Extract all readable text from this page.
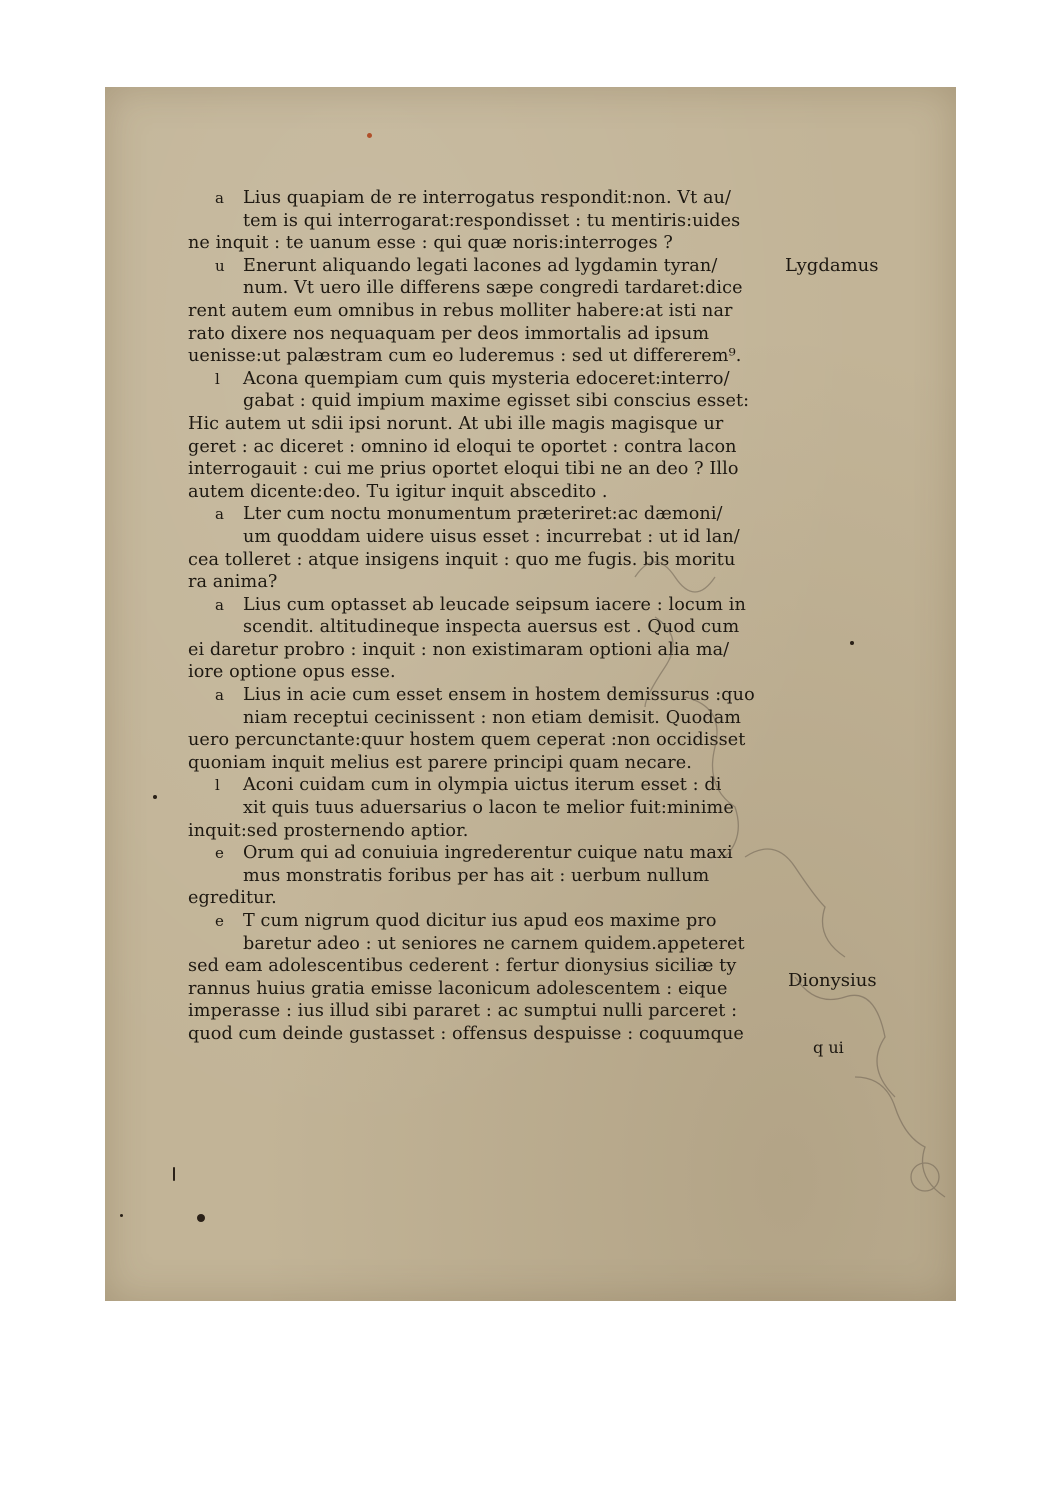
a Lius quapiam de re interrogatus respondit:non. Vt au/
tem is qui interrogarat:respondisset : tu mentiris:uides
ne inquit : te uanum esse : qui quæ noris:interroges ?
u Enerunt aliquando legati lacones ad lygdamin tyran/
num. Vt uero ille differens sæpe congredi tardaret:dice
rent autem eum omnibus in rebus molliter habere:at isti nar
rato dixere nos nequaquam per deos immortalis ad ipsum
uenisse:ut palæstram cum eo luderemus : sed ut differerem⁹.
l Acona quempiam cum quis mysteria edoceret:interro/
gabat : quid impium maxime egisset sibi conscius esset:
Hic autem ut sdii ipsi norunt. At ubi ille magis magisque ur
geret : ac diceret : omnino id eloqui te oportet : contra lacon
interrogauit : cui me prius oportet eloqui tibi ne an deo ? Illo
autem dicente:deo. Tu igitur inquit abscedito .
a Lter cum noctu monumentum præteriret:ac dæmoni/
um quoddam uidere uisus esset : incurrebat : ut id lan/
cea tolleret : atque insigens inquit : quo me fugis. bis moritu
ra anima?
a Lius cum optasset ab leucade seipsum iacere : locum in
scendit. altitudineque inspecta auersus est . Quod cum
ei daretur probro : inquit : non existimaram optioni alia ma/
iore optione opus esse.
a Lius in acie cum esset ensem in hostem demissurus :quo
niam receptui cecinissent : non etiam demisit. Quodam
uero percunctante:quur hostem quem ceperat :non occidisset
quoniam inquit melius est parere principi quam necare.
l Aconi cuidam cum in olympia uictus iterum esset : di
xit quis tuus aduersarius o lacon te melior fuit:minime
inquit:sed prosternendo aptior.
e Orum qui ad conuiuia ingrederentur cuique natu maxi
mus monstratis foribus per has ait : uerbum nullum
egreditur.
e T cum nigrum quod dicitur ius apud eos maxime pro
baretur adeo : ut seniores ne carnem quidem.appeteret
sed eam adolescentibus cederent : fertur dionysius siciliæ ty
rannus huius gratia emisse laconicum adolescentem : eique
imperasse : ius illud sibi pararet : ac sumptui nulli parceret :
quod cum deinde gustasset : offensus despuisse : coquumque
Lygdamus
Dionysius
q ui
